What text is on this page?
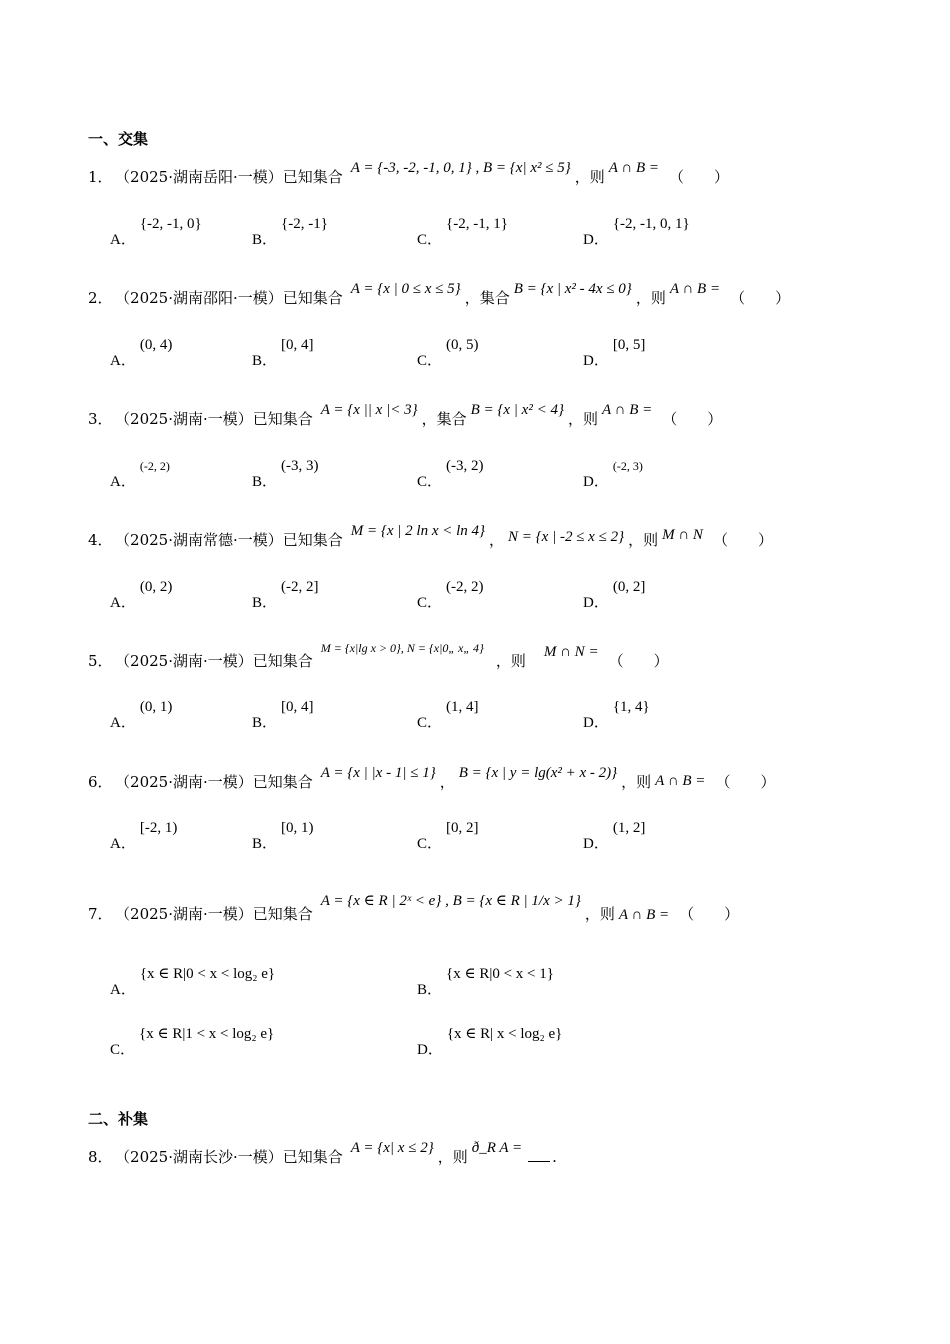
一、交集
1． （2025·湖南岳阳·一模）已知集合 A = {-3, -2, -1, 0, 1} , B = {x| x² ≤ 5} ，则 A ∩ B = （　　）
A．{-2, -1, 0}
B．{-2, -1}
C．{-2, -1, 1}
D．{-2, -1, 0, 1}
2． （2025·湖南邵阳·一模）已知集合 A = {x | 0 ≤ x ≤ 5} ，集合 B = {x | x² - 4x ≤ 0} ，则 A ∩ B = （　　）
A．(0, 4)
B．[0, 4]
C．(0, 5)
D．[0, 5]
3． （2025·湖南·一模）已知集合 A = {x || x |< 3} ，集合 B = {x | x² < 4} ，则 A ∩ B = （　　）
A．$^{(-2, 2)}$
B．(-3, 3)
C．(-3, 2)
D．$^{(-2, 3)}$
4． （2025·湖南常德·一模）已知集合 M = {x | 2 ln x < ln 4} ， N = {x | -2 ≤ x ≤ 2} ，则 M ∩ N （　　）
A．(0, 2)
B．(-2, 2]
C．(-2, 2)
D．(0, 2]
5． （2025·湖南·一模）已知集合$^{M = \{x|lg x > 0\}, N = \{x|0„ x„ 4\}}$，则 M ∩ N = （　　）
A．(0, 1)
B．[0, 4]
C．(1, 4]
D．{1, 4}
6． （2025·湖南·一模）已知集合 A = {x | |x - 1| ≤ 1} ， B = {x | y = lg(x² + x - 2)} ，则 A ∩ B = （　　）
A．[-2, 1)
B．[0, 1)
C．[0, 2]
D．(1, 2]
7． （2025·湖南·一模）已知集合A = {x ∈ R | 2ˣ < e} , B = {x ∈ R | 1/x > 1}，则 A ∩ B = （　　）
A．{x ∈ R|0 < x < log₂ e}
B．{x ∈ R|0 < x < 1}
C．{x ∈ R|1 < x < log₂ e}
D．{x ∈ R| x < log₂ e}
二、补集
8． （2025·湖南长沙·一模）已知集合 A = {x| x ≤ 2} ，则 ð_R A = .
